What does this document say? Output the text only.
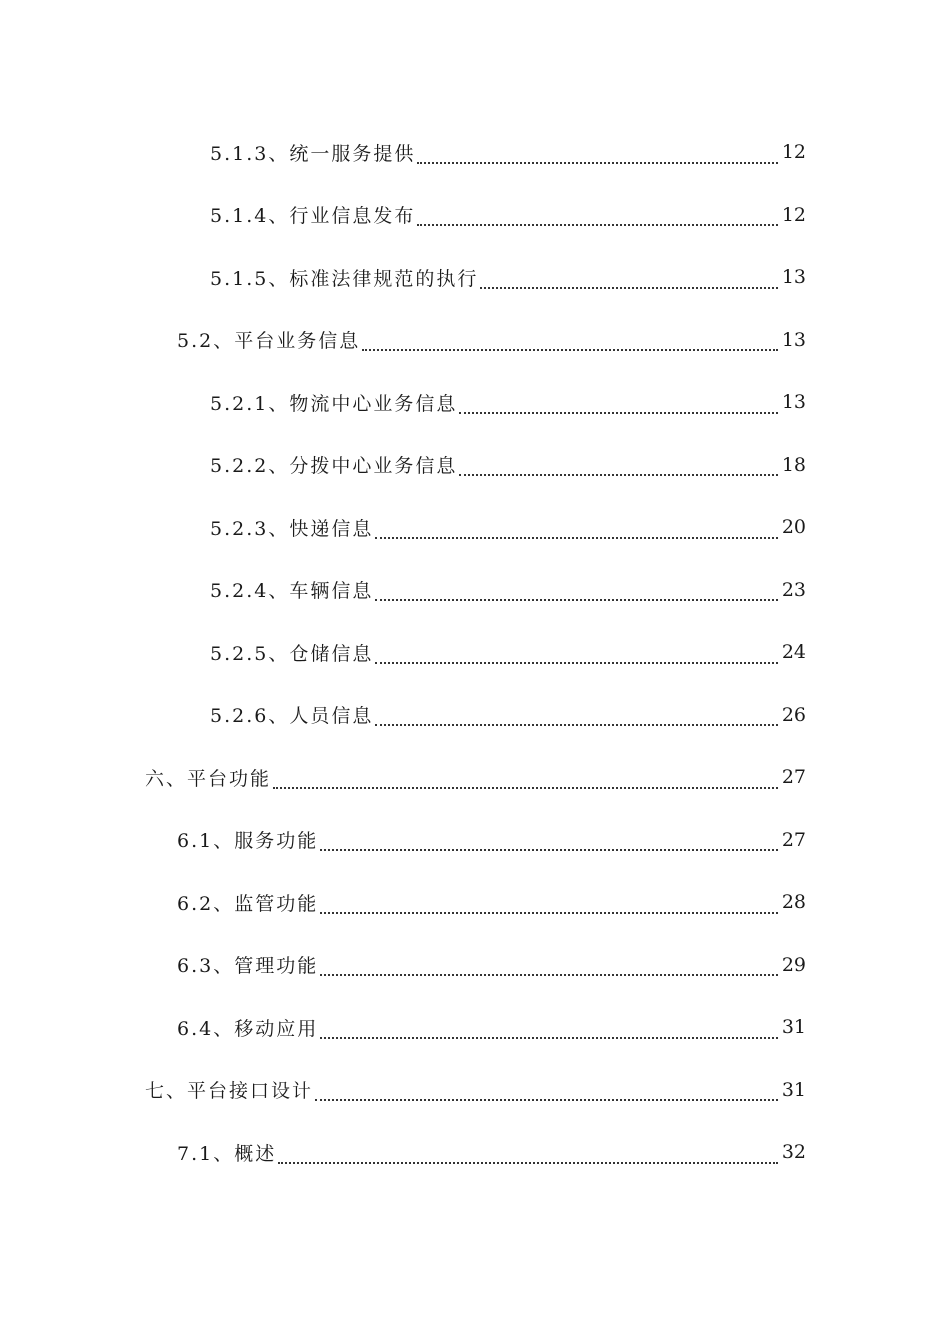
5.1.3、统一服务提供	12
5.1.4、行业信息发布	12
5.1.5、标准法律规范的执行	13
5.2、平台业务信息	13
5.2.1、物流中心业务信息	13
5.2.2、分拨中心业务信息	18
5.2.3、快递信息	20
5.2.4、车辆信息	23
5.2.5、仓储信息	24
5.2.6、人员信息	26
六、平台功能	27
6.1、服务功能	27
6.2、监管功能	28
6.3、管理功能	29
6.4、移动应用	31
七、平台接口设计	31
7.1、概述	32
